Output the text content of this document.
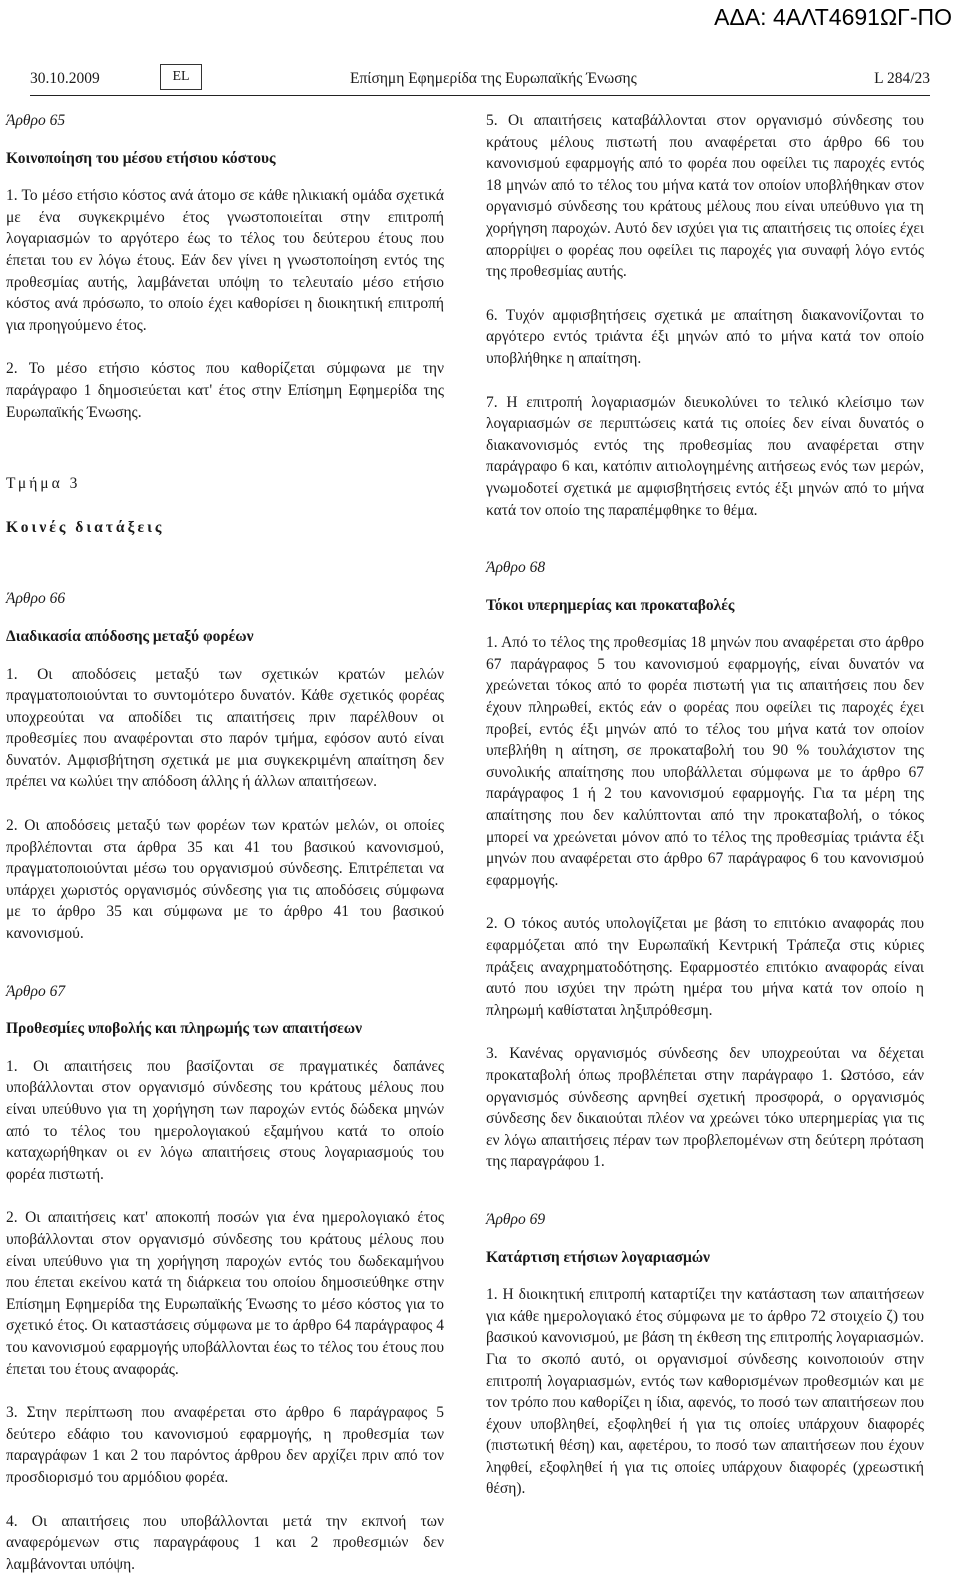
ΑΔΑ: 4ΑΛΤ4691ΩΓ-ΠΟ
30.10.2009	EL	Επίσημη Εφημερίδα της Ευρωπαϊκής Ένωσης	L 284/23

Άρθρο 65

Κοινοποίηση του μέσου ετήσιου κόστους

1. Το μέσο ετήσιο κόστος ανά άτομο σε κάθε ηλικιακή ομάδα σχετικά με ένα συγκεκριμένο έτος γνωστοποιείται στην επιτροπή λογαριασμών το αργότερο έως το τέλος του δεύτερου έτους που έπεται του εν λόγω έτους. Εάν δεν γίνει η γνωστοποίηση εντός της προθεσμίας αυτής, λαμβάνεται υπόψη το τελευταίο μέσο ετήσιο κόστος ανά πρόσωπο, το οποίο έχει καθορίσει η διοικητική επιτροπή για προηγούμενο έτος.

2. Το μέσο ετήσιο κόστος που καθορίζεται σύμφωνα με την παράγραφο 1 δημοσιεύεται κατ' έτος στην Επίσημη Εφημερίδα της Ευρωπαϊκής Ένωσης.

Τμήμα 3

Κοινές διατάξεις

Άρθρο 66

Διαδικασία απόδοσης μεταξύ φορέων

1. Οι αποδόσεις μεταξύ των σχετικών κρατών μελών πραγματοποιούνται το συντομότερο δυνατόν. Κάθε σχετικός φορέας υποχρεούται να αποδίδει τις απαιτήσεις πριν παρέλθουν οι προθεσμίες που αναφέρονται στο παρόν τμήμα, εφόσον αυτό είναι δυνατόν. Αμφισβήτηση σχετικά με μια συγκεκριμένη απαίτηση δεν πρέπει να κωλύει την απόδοση άλλης ή άλλων απαιτήσεων.

2. Οι αποδόσεις μεταξύ των φορέων των κρατών μελών, οι οποίες προβλέπονται στα άρθρα 35 και 41 του βασικού κανονισμού, πραγματοποιούνται μέσω του οργανισμού σύνδεσης. Επιτρέπεται να υπάρχει χωριστός οργανισμός σύνδεσης για τις αποδόσεις σύμφωνα με το άρθρο 35 και σύμφωνα με το άρθρο 41 του βασικού κανονισμού.

Άρθρο 67

Προθεσμίες υποβολής και πληρωμής των απαιτήσεων

1. Οι απαιτήσεις που βασίζονται σε πραγματικές δαπάνες υποβάλλονται στον οργανισμό σύνδεσης του κράτους μέλους που είναι υπεύθυνο για τη χορήγηση των παροχών εντός δώδεκα μηνών από το τέλος του ημερολογιακού εξαμήνου κατά το οποίο καταχωρήθηκαν οι εν λόγω απαιτήσεις στους λογαριασμούς του φορέα πιστωτή.

2. Οι απαιτήσεις κατ' αποκοπή ποσών για ένα ημερολογιακό έτος υποβάλλονται στον οργανισμό σύνδεσης του κράτους μέλους που είναι υπεύθυνο για τη χορήγηση παροχών εντός του δωδεκαμήνου που έπεται εκείνου κατά τη διάρκεια του οποίου δημοσιεύθηκε στην Επίσημη Εφημερίδα της Ευρωπαϊκής Ένωσης το μέσο κόστος για το σχετικό έτος. Οι καταστάσεις σύμφωνα με το άρθρο 64 παράγραφος 4 του κανονισμού εφαρμογής υποβάλλονται έως το τέλος του έτους που έπεται του έτους αναφοράς.

3. Στην περίπτωση που αναφέρεται στο άρθρο 6 παράγραφος 5 δεύτερο εδάφιο του κανονισμού εφαρμογής, η προθεσμία των παραγράφων 1 και 2 του παρόντος άρθρου δεν αρχίζει πριν από τον προσδιορισμό του αρμόδιου φορέα.

4. Οι απαιτήσεις που υποβάλλονται μετά την εκπνοή των αναφερόμενων στις παραγράφους 1 και 2 προθεσμιών δεν λαμβάνονται υπόψη.

5. Οι απαιτήσεις καταβάλλονται στον οργανισμό σύνδεσης του κράτους μέλους πιστωτή που αναφέρεται στο άρθρο 66 του κανονισμού εφαρμογής από το φορέα που οφείλει τις παροχές εντός 18 μηνών από το τέλος του μήνα κατά τον οποίον υποβλήθηκαν στον οργανισμό σύνδεσης του κράτους μέλους που είναι υπεύθυνο για τη χορήγηση παροχών. Αυτό δεν ισχύει για τις απαιτήσεις τις οποίες έχει απορρίψει ο φορέας που οφείλει τις παροχές για συναφή λόγο εντός της προθεσμίας αυτής.

6. Τυχόν αμφισβητήσεις σχετικά με απαίτηση διακανονίζονται το αργότερο εντός τριάντα έξι μηνών από το μήνα κατά τον οποίο υποβλήθηκε η απαίτηση.

7. Η επιτροπή λογαριασμών διευκολύνει το τελικό κλείσιμο των λογαριασμών σε περιπτώσεις κατά τις οποίες δεν είναι δυνατός ο διακανονισμός εντός της προθεσμίας που αναφέρεται στην παράγραφο 6 και, κατόπιν αιτιολογημένης αιτήσεως ενός των μερών, γνωμοδοτεί σχετικά με αμφισβητήσεις εντός έξι μηνών από το μήνα κατά τον οποίο της παραπέμφθηκε το θέμα.

Άρθρο 68

Τόκοι υπερημερίας και προκαταβολές

1. Από το τέλος της προθεσμίας 18 μηνών που αναφέρεται στο άρθρο 67 παράγραφος 5 του κανονισμού εφαρμογής, είναι δυνατόν να χρεώνεται τόκος από το φορέα πιστωτή για τις απαιτήσεις που δεν έχουν πληρωθεί, εκτός εάν ο φορέας που οφείλει τις παροχές έχει προβεί, εντός έξι μηνών από το τέλος του μήνα κατά τον οποίον υπεβλήθη η αίτηση, σε προκαταβολή του 90 % τουλάχιστον της συνολικής απαίτησης που υποβάλλεται σύμφωνα με το άρθρο 67 παράγραφος 1 ή 2 του κανονισμού εφαρμογής. Για τα μέρη της απαίτησης που δεν καλύπτονται από την προκαταβολή, ο τόκος μπορεί να χρεώνεται μόνον από το τέλος της προθεσμίας τριάντα έξι μηνών που αναφέρεται στο άρθρο 67 παράγραφος 6 του κανονισμού εφαρμογής.

2. Ο τόκος αυτός υπολογίζεται με βάση το επιτόκιο αναφοράς που εφαρμόζεται από την Ευρωπαϊκή Κεντρική Τράπεζα στις κύριες πράξεις αναχρηματοδότησης. Εφαρμοστέο επιτόκιο αναφοράς είναι αυτό που ισχύει την πρώτη ημέρα του μήνα κατά τον οποίο η πληρωμή καθίσταται ληξιπρόθεσμη.

3. Κανένας οργανισμός σύνδεσης δεν υποχρεούται να δέχεται προκαταβολή όπως προβλέπεται στην παράγραφο 1. Ωστόσο, εάν οργανισμός σύνδεσης αρνηθεί σχετική προσφορά, ο οργανισμός σύνδεσης δεν δικαιούται πλέον να χρεώνει τόκο υπερημερίας για τις εν λόγω απαιτήσεις πέραν των προβλεπομένων στη δεύτερη πρόταση της παραγράφου 1.

Άρθρο 69

Κατάρτιση ετήσιων λογαριασμών

1. Η διοικητική επιτροπή καταρτίζει την κατάσταση των απαιτήσεων για κάθε ημερολογιακό έτος σύμφωνα με το άρθρο 72 στοιχείο ζ) του βασικού κανονισμού, με βάση τη έκθεση της επιτροπής λογαριασμών. Για το σκοπό αυτό, οι οργανισμοί σύνδεσης κοινοποιούν στην επιτροπή λογαριασμών, εντός των καθορισμένων προθεσμιών και με τον τρόπο που καθορίζει η ίδια, αφενός, το ποσό των απαιτήσεων που έχουν υποβληθεί, εξοφληθεί ή για τις οποίες υπάρχουν διαφορές (πιστωτική θέση) και, αφετέρου, το ποσό των απαιτήσεων που έχουν ληφθεί, εξοφληθεί ή για τις οποίες υπάρχουν διαφορές (χρεωστική θέση).
